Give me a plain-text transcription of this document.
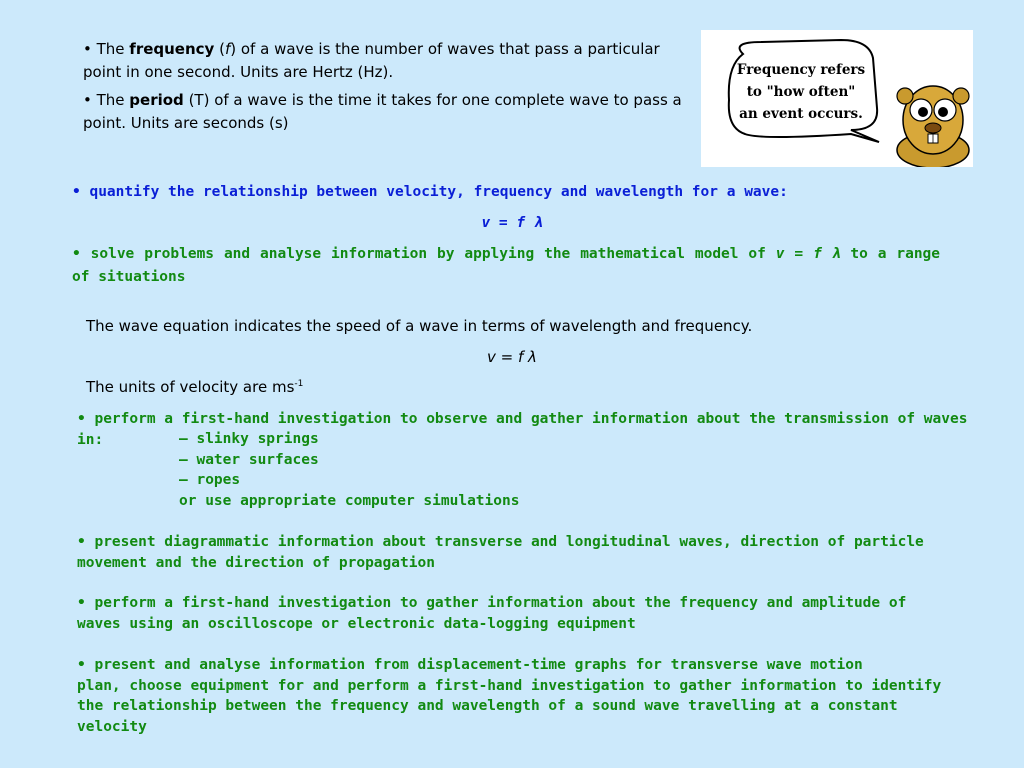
• The frequency (f) of a wave is the number of waves that pass a particular point in one second. Units are Hertz (Hz).
• The period (T) of a wave is the time it takes for one complete wave to pass a point. Units are seconds (s)
Frequency refers
to "how often"
an event occurs.
• quantify the relationship between velocity, frequency and wavelength for a wave:
v = f λ
• solve problems and analyse information by applying the mathematical model of v = f λ to a range of situations
The wave equation indicates the speed of a wave in terms of wavelength and frequency.
v = f λ
The units of velocity are $ms^{-1}$
• perform a first-hand investigation to observe and gather information about the transmission of waves in:	– slinky springs
– water surfaces
– ropes
or use appropriate computer simulations
• present diagrammatic information about transverse and longitudinal waves, direction of particle movement and the direction of propagation
• perform a first-hand investigation to gather information about the frequency and amplitude of waves using an oscilloscope or electronic data-logging equipment
• present and analyse information from displacement-time graphs for transverse wave motion
plan, choose equipment for and perform a first-hand investigation to gather information to identify the relationship between the frequency and wavelength of a sound wave travelling at a constant velocity
